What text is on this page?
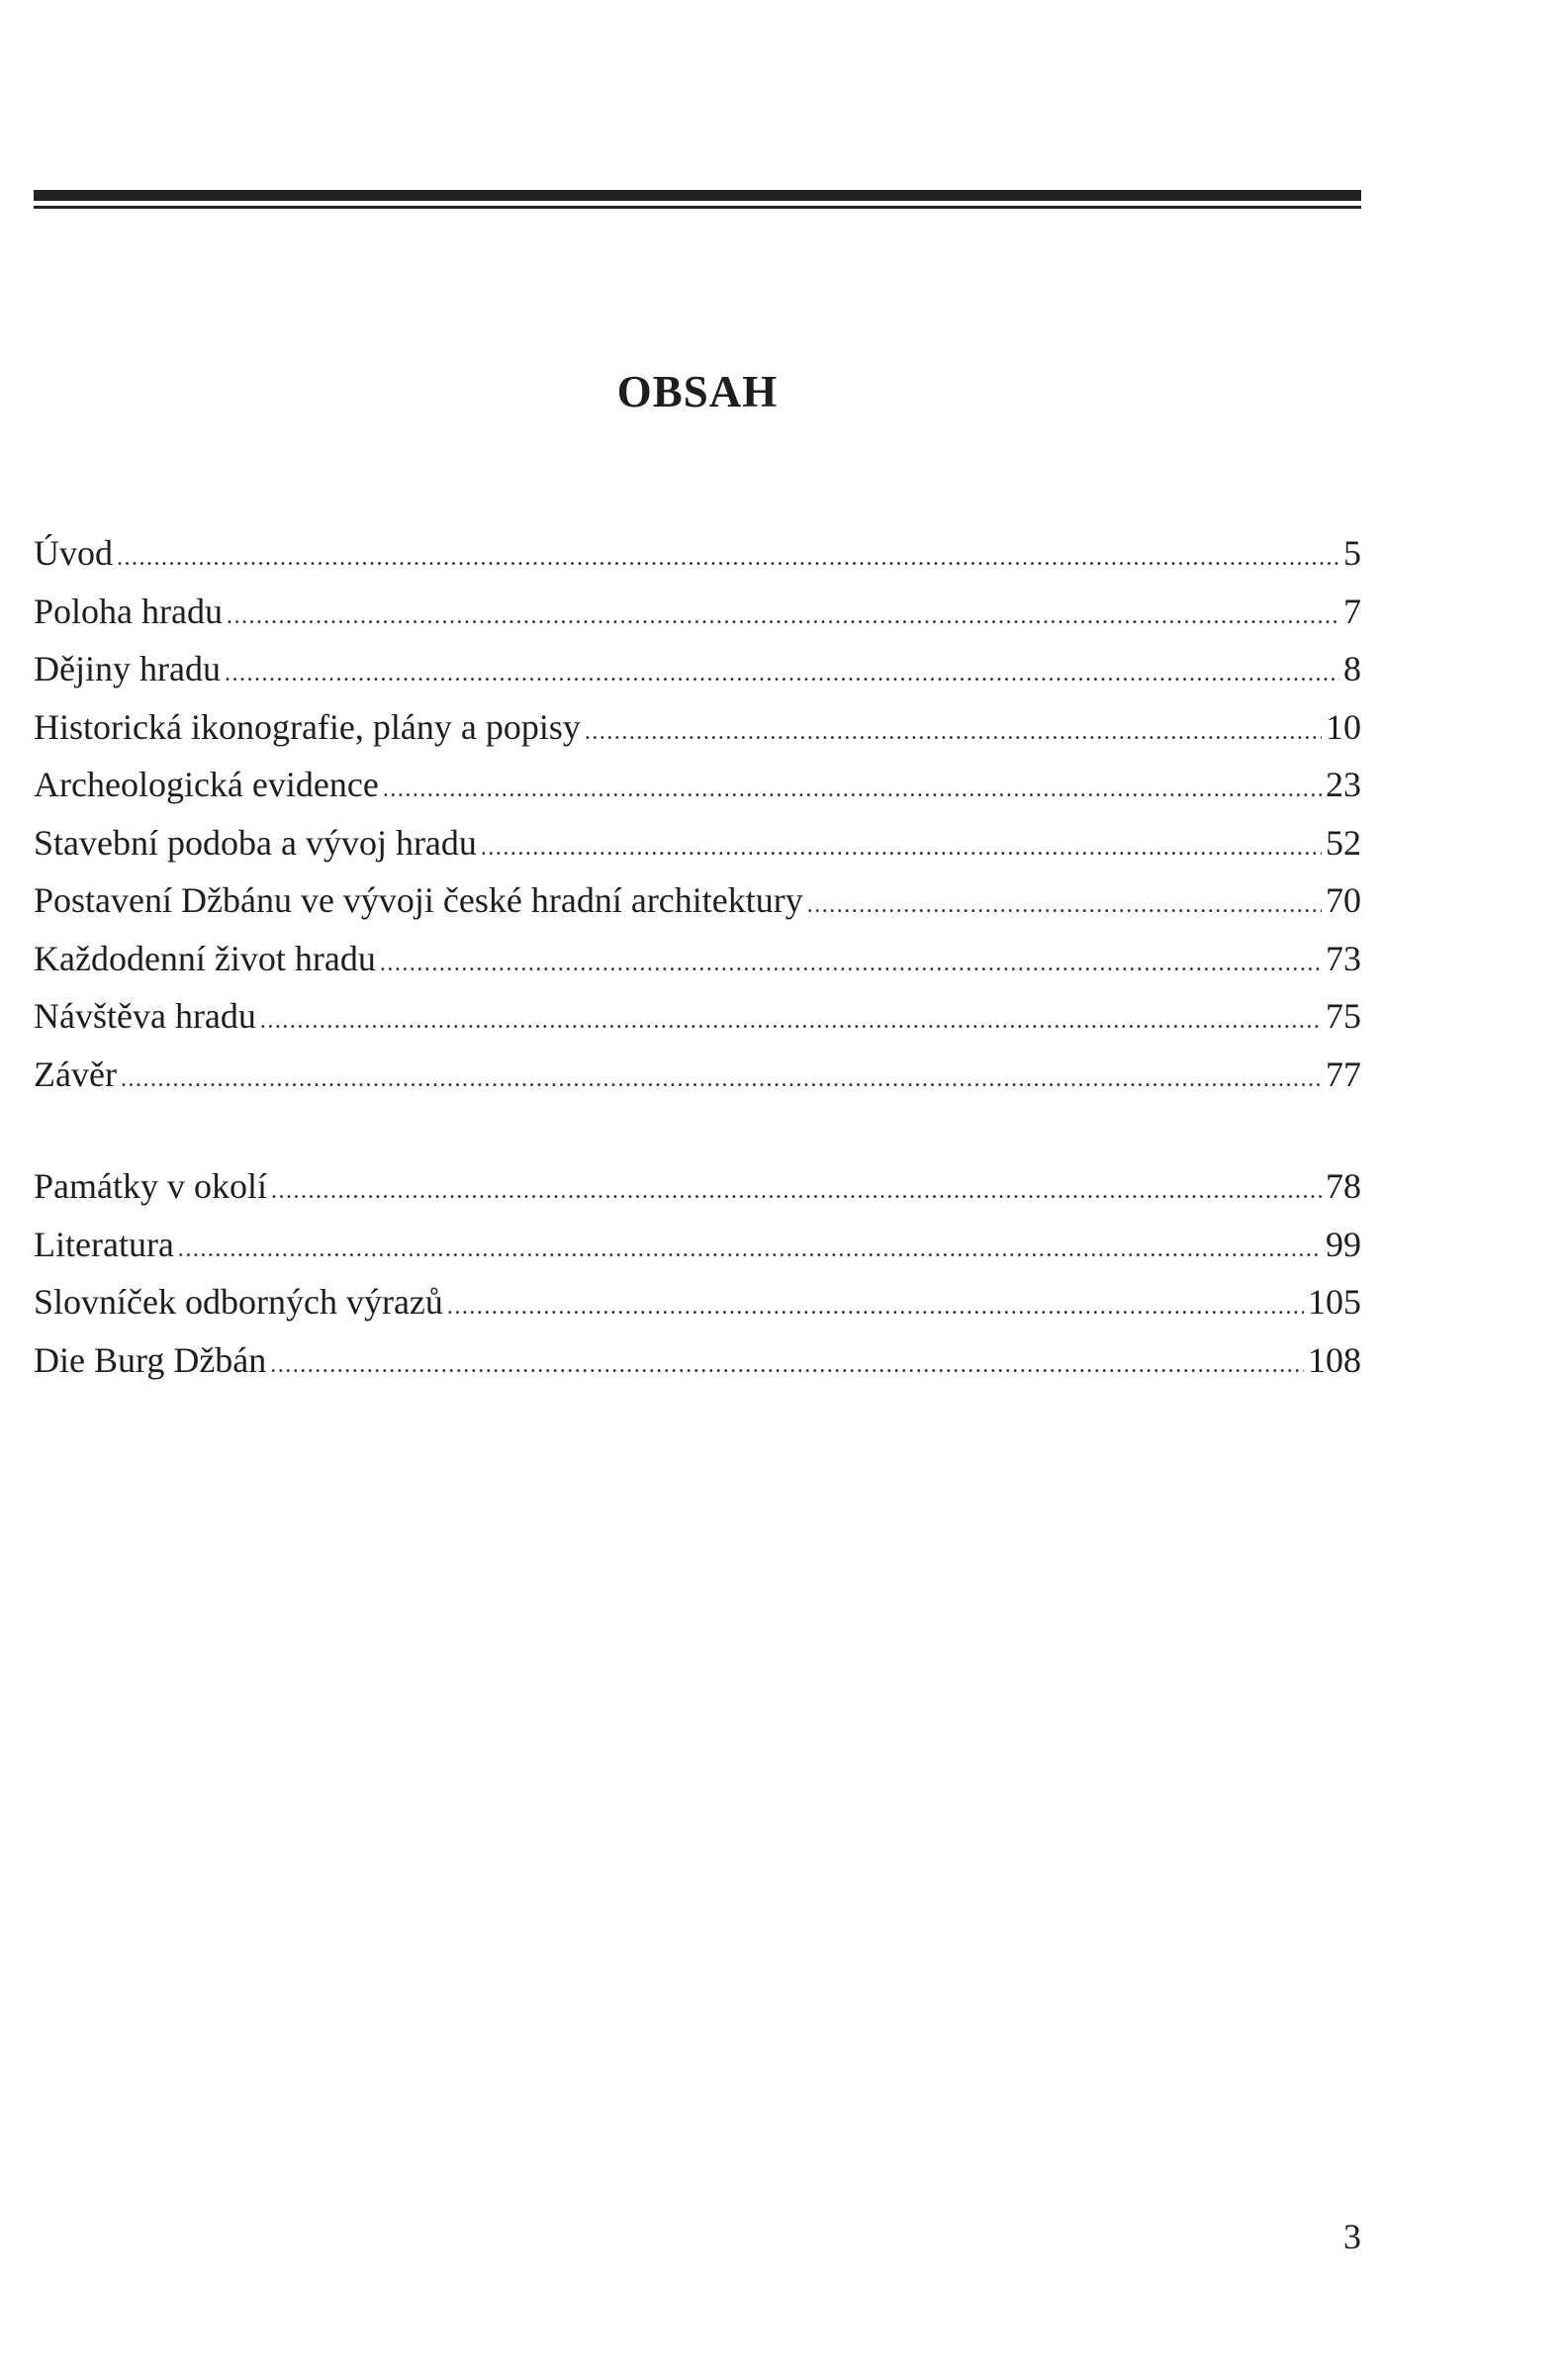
OBSAH
Úvod .....	5
Poloha hradu .....	7
Dějiny hradu .....	8
Historická ikonografie, plány a popisy .....	10
Archeologická evidence .....	23
Stavební podoba a vývoj hradu .....	52
Postavení Džbánu ve vývoji české hradní architektury .....	70
Každodenní život hradu .....	73
Návštěva hradu .....	75
Závěr .....	77
Památky v okolí .....	78
Literatura .....	99
Slovníček odborných výrazů .....	105
Die Burg Džbán .....	108
3
